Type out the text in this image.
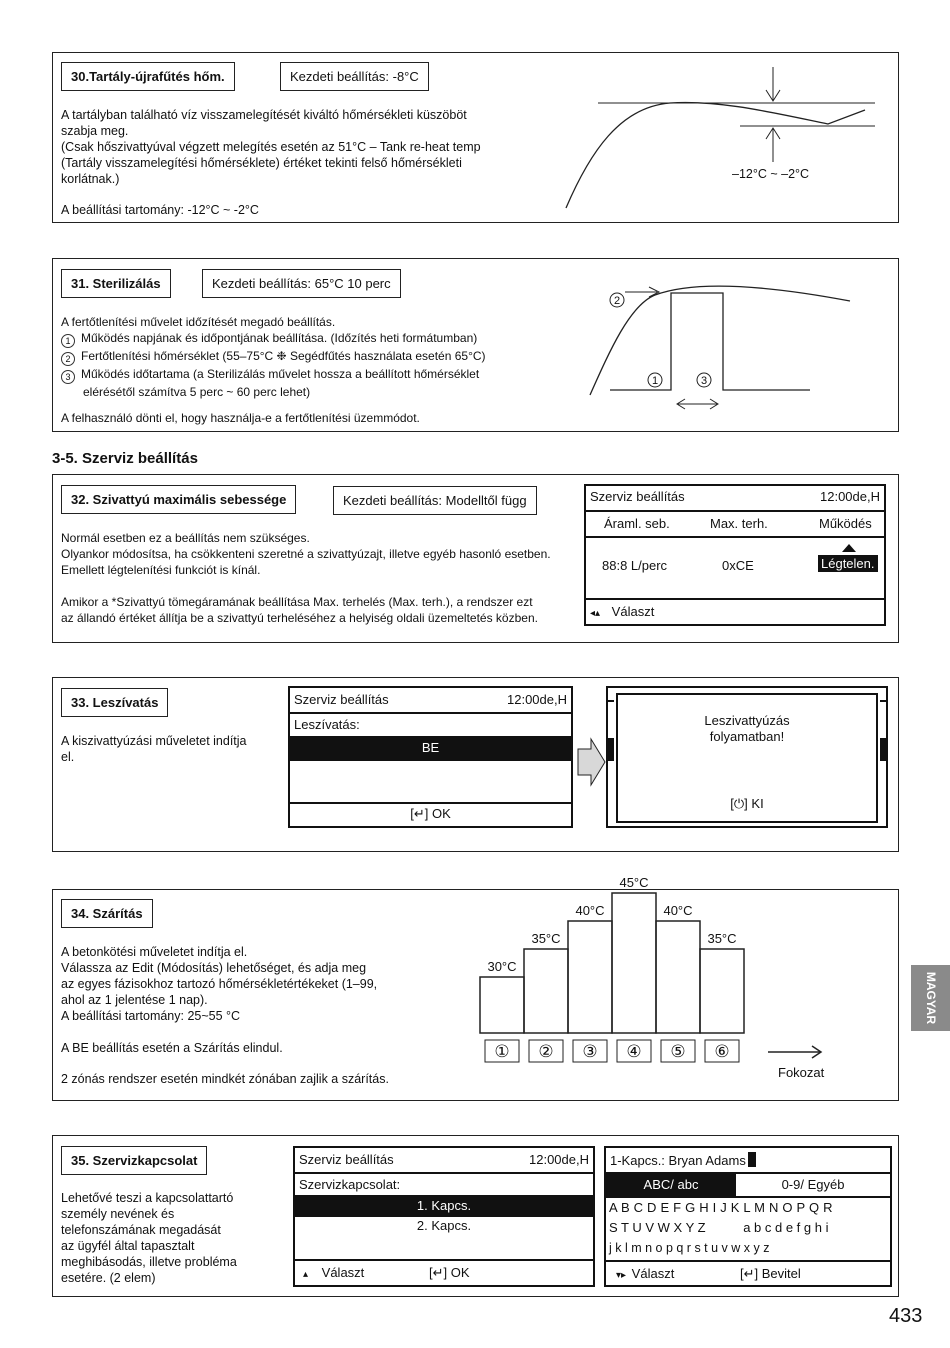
30.Tartály-újrafűtés hőm.	Kezdeti beállítás: -8°C

A tartályban található víz visszamelegítését kiváltó hőmérsékleti küszöböt

szabja meg.

(Csak hőszivattyúval végzett melegítés esetén az 51°C – Tank re-heat temp

(Tartály visszamelegítési hőmérséklete) értéket tekinti felső hőmérsékleti

korlátnak.)

A beállítási tartomány: -12°C ~ -2°C
–12°C ~ –2°C
31. Sterilizálás	Kezdeti beállítás: 65°C 10 perc

A fertőtlenítési művelet időzítését megadó beállítás.

1 Működés napjának és időpontjának beállítása. (Időzítés heti formátumban)

2 Fertőtlenítési hőmérséklet (55–75°C ❉ Segédfűtés használata esetén 65°C)

3 Működés időtartama (a Sterilizálás művelet hossza a beállított hőmérséklet

elérésétől számítva 5 perc ~ 60 perc lehet)

A felhasználó dönti el, hogy használja-e a fertőtlenítési üzemmódot.
2
1	3
3-5. Szerviz beállítás
32. Szivattyú maximális sebessége	Kezdeti beállítás: Modelltől függ

Normál esetben ez a beállítás nem szükséges.

Olyankor módosítsa, ha csökkenteni szeretné a szivattyúzajt, illetve egyéb hasonló esetben.

Emellett légtelenítési funkciót is kínál.

Amikor a *Szivattyú tömegáramának beállítása Max. terhelés (Max. terh.), a rendszer ezt

az állandó értéket állítja be a szivattyú terheléséhez a helyiség oldali üzemeltetés közben.

Szerviz beállítás	12:00de,H
Áraml. seb.	Max. terh.	Működés
88:8 L/perc	0xCE	Légtelen.
◂▴ Választ
33. Leszívatás

A kiszivattyúzási műveletet indítja

el.

Szerviz beállítás	12:00de,H
Leszívatás:
BE
[↵] OK

Leszivattyúzás

folyamatban!

[⏻] KI
34. Szárítás

A betonkötési műveletet indítja el.

Válassza az Edit (Módosítás) lehetőséget, és adja meg

az egyes fázisokhoz tartozó hőmérsékletértékeket (1–99,

ahol az 1 jelentése 1 nap).

A beállítási tartomány: 25~55 °C

A BE beállítás esetén a Szárítás elindul.
2 zónás rendszer esetén mindkét zónában zajlik a szárítás.
30°C
①
35°C
②
40°C
③
45°C
④
40°C
⑤
35°C
⑥
Fokozat
35. Szervizkapcsolat

Lehetővé teszi a kapcsolattartó

személy nevének és

telefonszámának megadását

az ügyfél által tapasztalt

meghibásodás, illetve probléma

esetére. (2 elem)

Szerviz beállítás	12:00de,H
Szervizkapcsolat:
1. Kapcs.
2. Kapcs.
▴ Választ	[↵] OK
1-Kapcs.: Bryan Adams
ABC/ abc	0-9/ Egyéb
A B C D E F G H I J K L M N O P Q R
S T U V W X Y Z	a b c d e f g h i
j k l m n o p q r s t u v w x y z
▾▸ Választ	[↵] Bevitel
MAGYAR
433
